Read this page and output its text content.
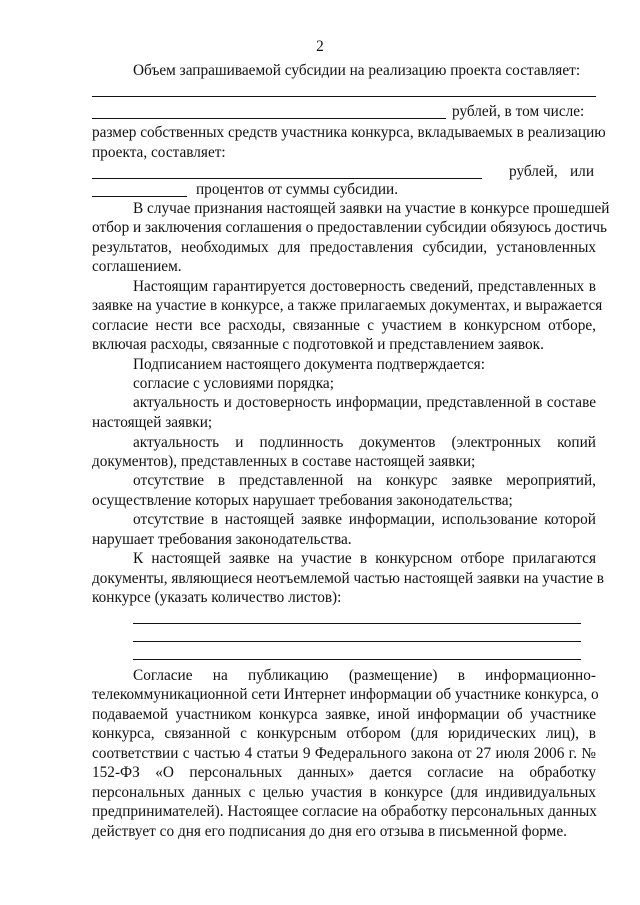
2
Объем запрашиваемой субсидии на реализацию проекта составляет:
рублей, в том числе:
размер собственных средств участника конкурса, вкладываемых в реализацию
проекта, составляет:
рублей, или
процентов от суммы субсидии.
В случае признания настоящей заявки на участие в конкурсе прошедшей
отбор и заключения соглашения о предоставлении субсидии обязуюсь достичь
результатов, необходимых для предоставления субсидии, установленных
соглашением.
Настоящим гарантируется достоверность сведений, представленных в
заявке на участие в конкурсе, а также прилагаемых документах, и выражается
согласие нести все расходы, связанные с участием в конкурсном отборе,
включая расходы, связанные с подготовкой и представлением заявок.
Подписанием настоящего документа подтверждается:
согласие с условиями порядка;
актуальность и достоверность информации, представленной в составе
настоящей заявки;
актуальность и подлинность документов (электронных копий
документов), представленных в составе настоящей заявки;
отсутствие в представленной на конкурс заявке мероприятий,
осуществление которых нарушает требования законодательства;
отсутствие в настоящей заявке информации, использование которой
нарушает требования законодательства.
К настоящей заявке на участие в конкурсном отборе прилагаются
документы, являющиеся неотъемлемой частью настоящей заявки на участие в
конкурсе (указать количество листов):
Согласие на публикацию (размещение) в информационно-
телекоммуникационной сети Интернет информации об участнике конкурса, о
подаваемой участником конкурса заявке, иной информации об участнике
конкурса, связанной с конкурсным отбором (для юридических лиц), в
соответствии с частью 4 статьи 9 Федерального закона от 27 июля 2006 г. №
152-ФЗ «О персональных данных» дается согласие на обработку
персональных данных с целью участия в конкурсе (для индивидуальных
предпринимателей). Настоящее согласие на обработку персональных данных
действует со дня его подписания до дня его отзыва в письменной форме.
